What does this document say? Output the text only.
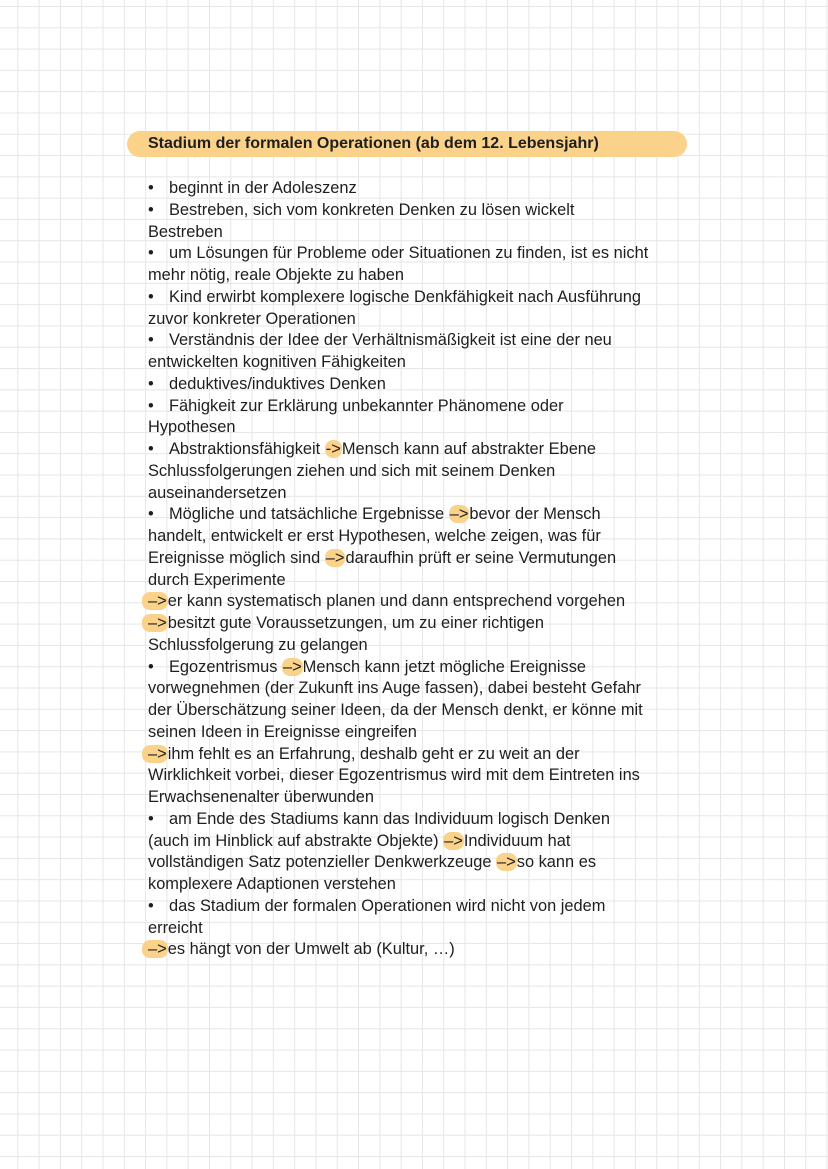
Stadium der formalen Operationen (ab dem 12. Lebensjahr)
• beginnt in der Adoleszenz
• Bestreben, sich vom konkreten Denken zu lösen wickelt
Bestreben
• um Lösungen für Probleme oder Situationen zu finden, ist es nicht
mehr nötig, reale Objekte zu haben
• Kind erwirbt komplexere logische Denkfähigkeit nach Ausführung
zuvor konkreter Operationen
• Verständnis der Idee der Verhältnismäßigkeit ist eine der neu
entwickelten kognitiven Fähigkeiten
• deduktives/induktives Denken
• Fähigkeit zur Erklärung unbekannter Phänomene oder
Hypothesen
• Abstraktionsfähigkeit ->Mensch kann auf abstrakter Ebene
Schlussfolgerungen ziehen und sich mit seinem Denken
auseinandersetzen
• Mögliche und tatsächliche Ergebnisse –>bevor der Mensch
handelt, entwickelt er erst Hypothesen, welche zeigen, was für
Ereignisse möglich sind –>daraufhin prüft er seine Vermutungen
durch Experimente
–>er kann systematisch planen und dann entsprechend vorgehen
–>besitzt gute Voraussetzungen, um zu einer richtigen
Schlussfolgerung zu gelangen
• Egozentrismus –>Mensch kann jetzt mögliche Ereignisse
vorwegnehmen (der Zukunft ins Auge fassen), dabei besteht Gefahr
der Überschätzung seiner Ideen, da der Mensch denkt, er könne mit
seinen Ideen in Ereignisse eingreifen
–>ihm fehlt es an Erfahrung, deshalb geht er zu weit an der
Wirklichkeit vorbei, dieser Egozentrismus wird mit dem Eintreten ins
Erwachsenenalter überwunden
• am Ende des Stadiums kann das Individuum logisch Denken
(auch im Hinblick auf abstrakte Objekte) –>Individuum hat
vollständigen Satz potenzieller Denkwerkzeuge –>so kann es
komplexere Adaptionen verstehen
• das Stadium der formalen Operationen wird nicht von jedem
erreicht
–>es hängt von der Umwelt ab (Kultur, …)
